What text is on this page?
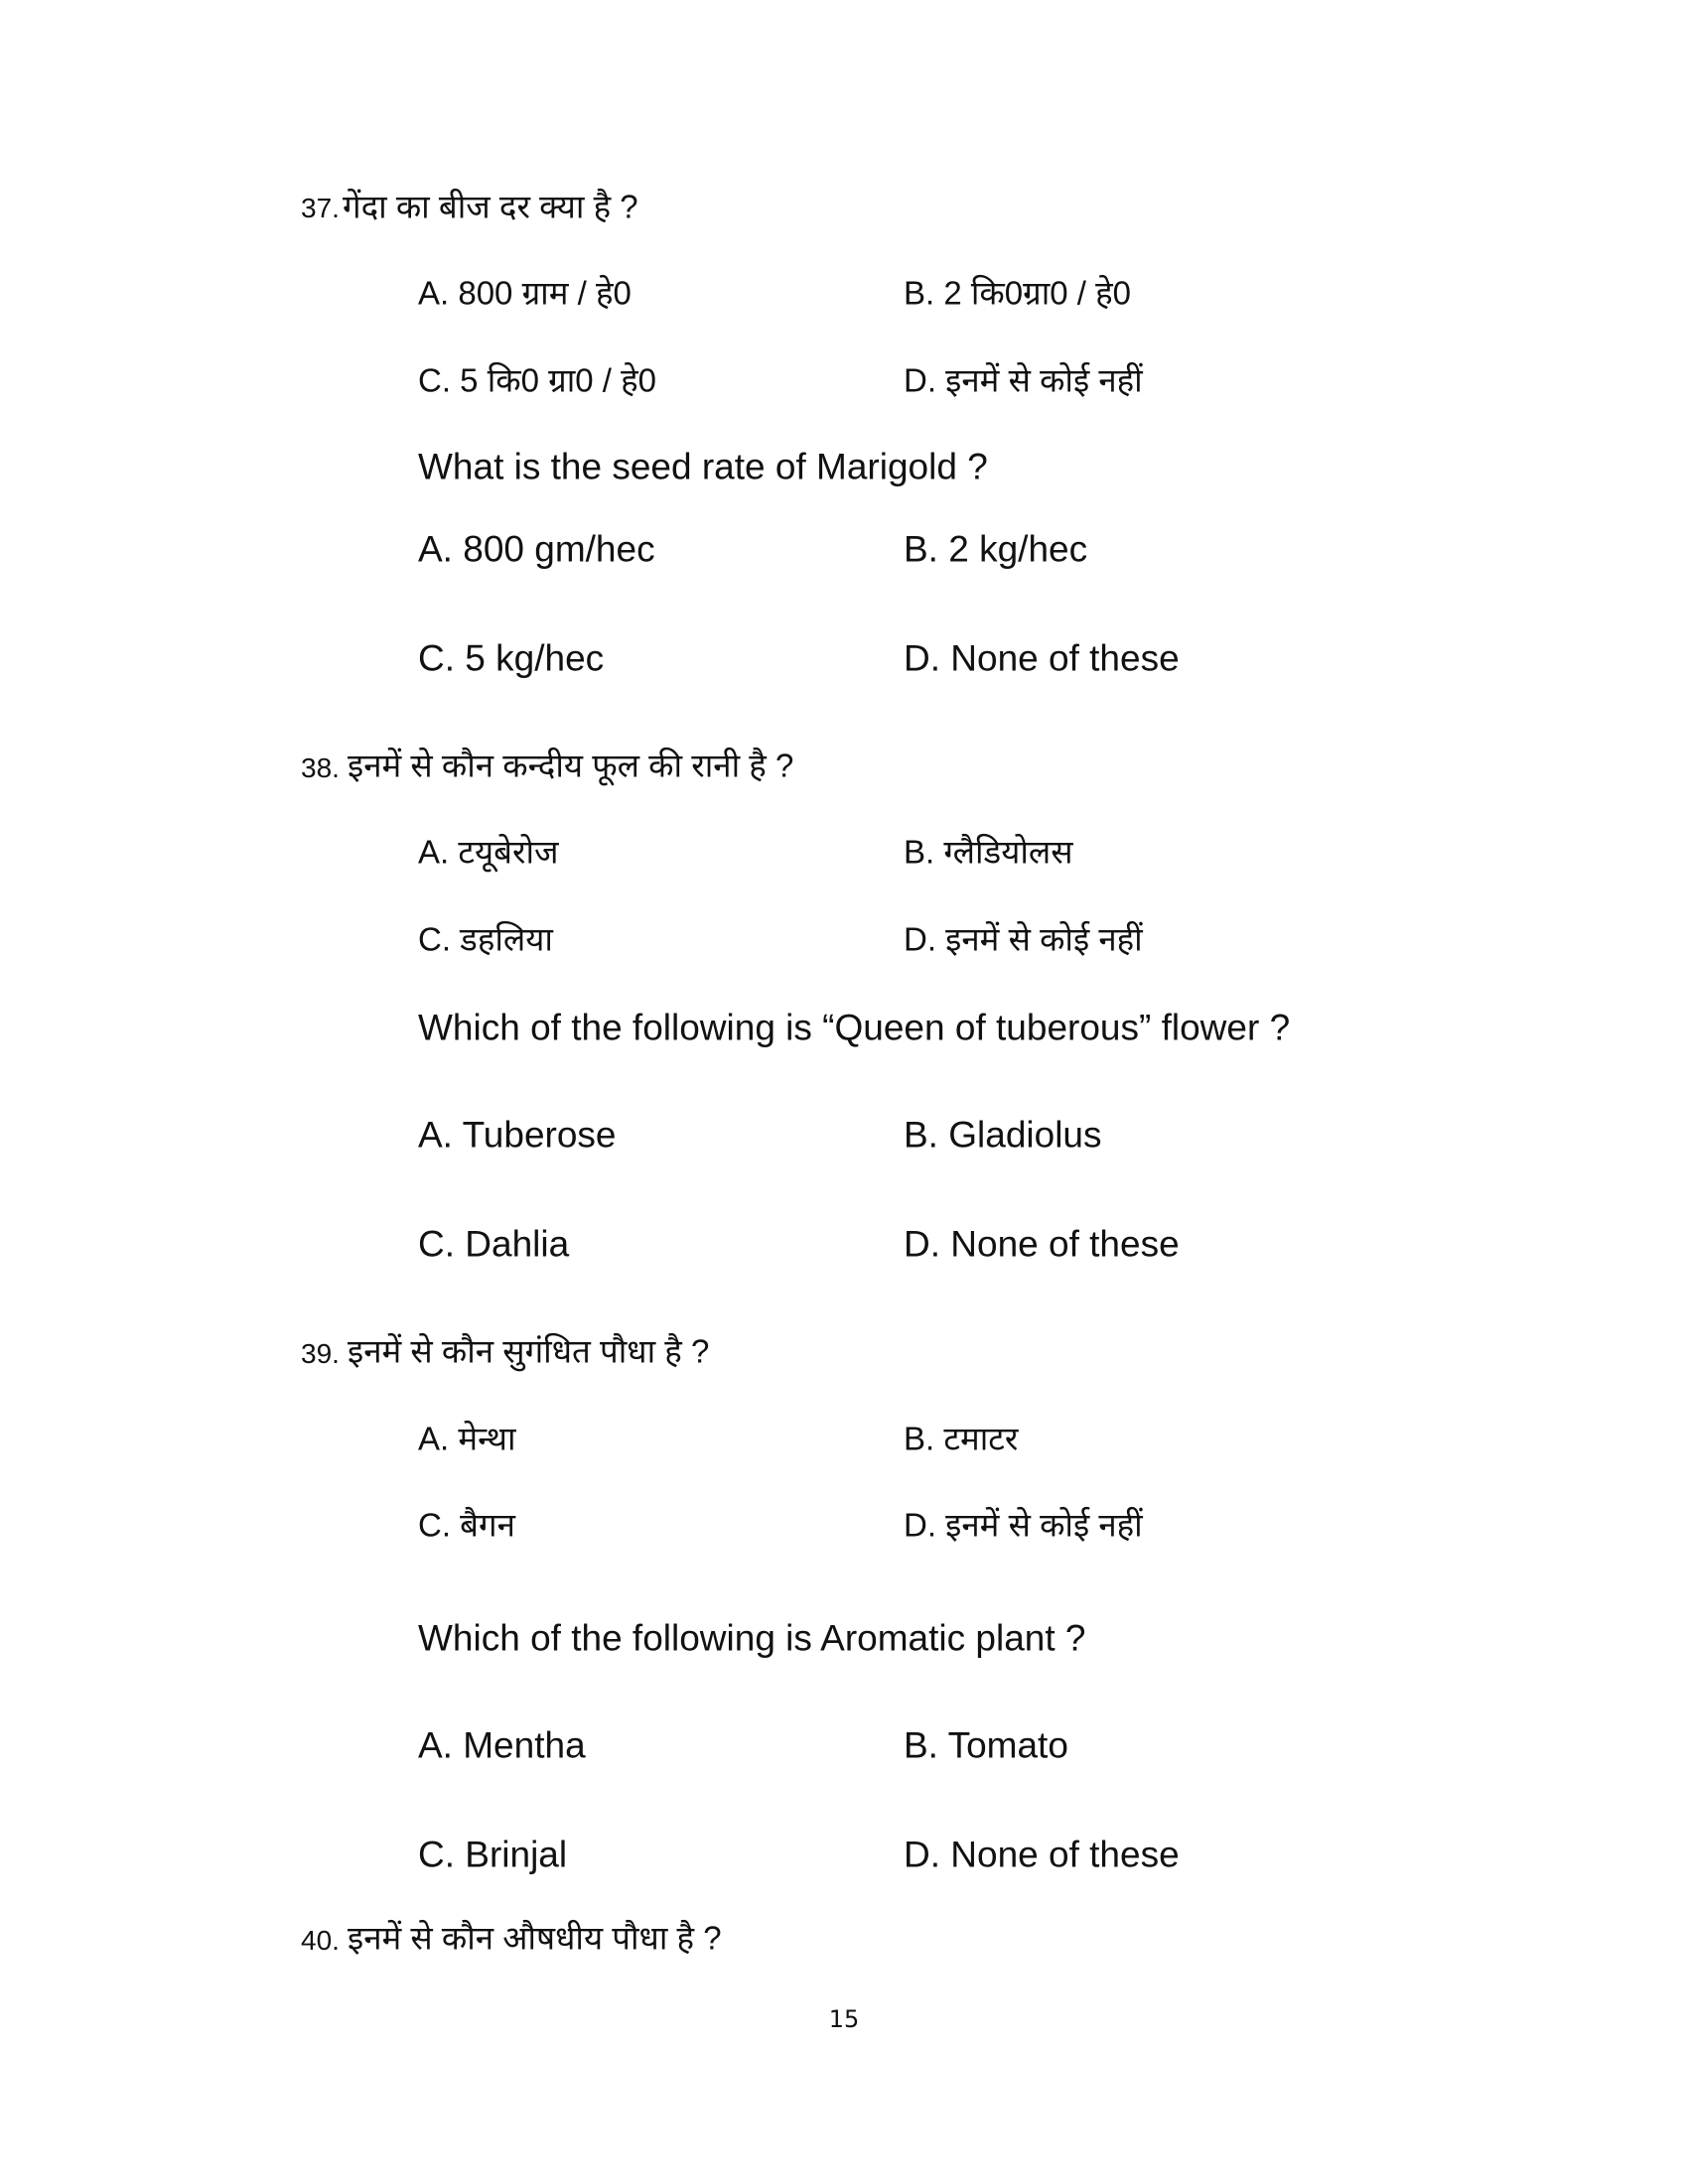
37. गेंदा का बीज दर क्या है ?
A. 800 ग्राम / हे0	B. 2 कि0ग्रा0 / हे0
C. 5 कि0 ग्रा0 / हे0	D. इनमें से कोई नहीं
What is the seed rate of Marigold ?
A. 800 gm/hec	B. 2 kg/hec
C. 5 kg/hec	D. None of these
38. इनमें से कौन कन्दीय फूल की रानी है ?
A. टयूबेरोज	B. ग्लैडियोलस
C. डहलिया	D. इनमें से कोई नहीं
Which of the following is “Queen of tuberous” flower ?
A. Tuberose	B. Gladiolus
C. Dahlia	D. None of these
39. इनमें से कौन सुगंधित पौधा है ?
A. मेन्था	B. टमाटर
C. बैगन	D. इनमें से कोई नहीं
Which of the following is Aromatic plant ?
A. Mentha	B. Tomato
C. Brinjal	D. None of these
40. इनमें से कौन औषधीय पौधा है ?
15
